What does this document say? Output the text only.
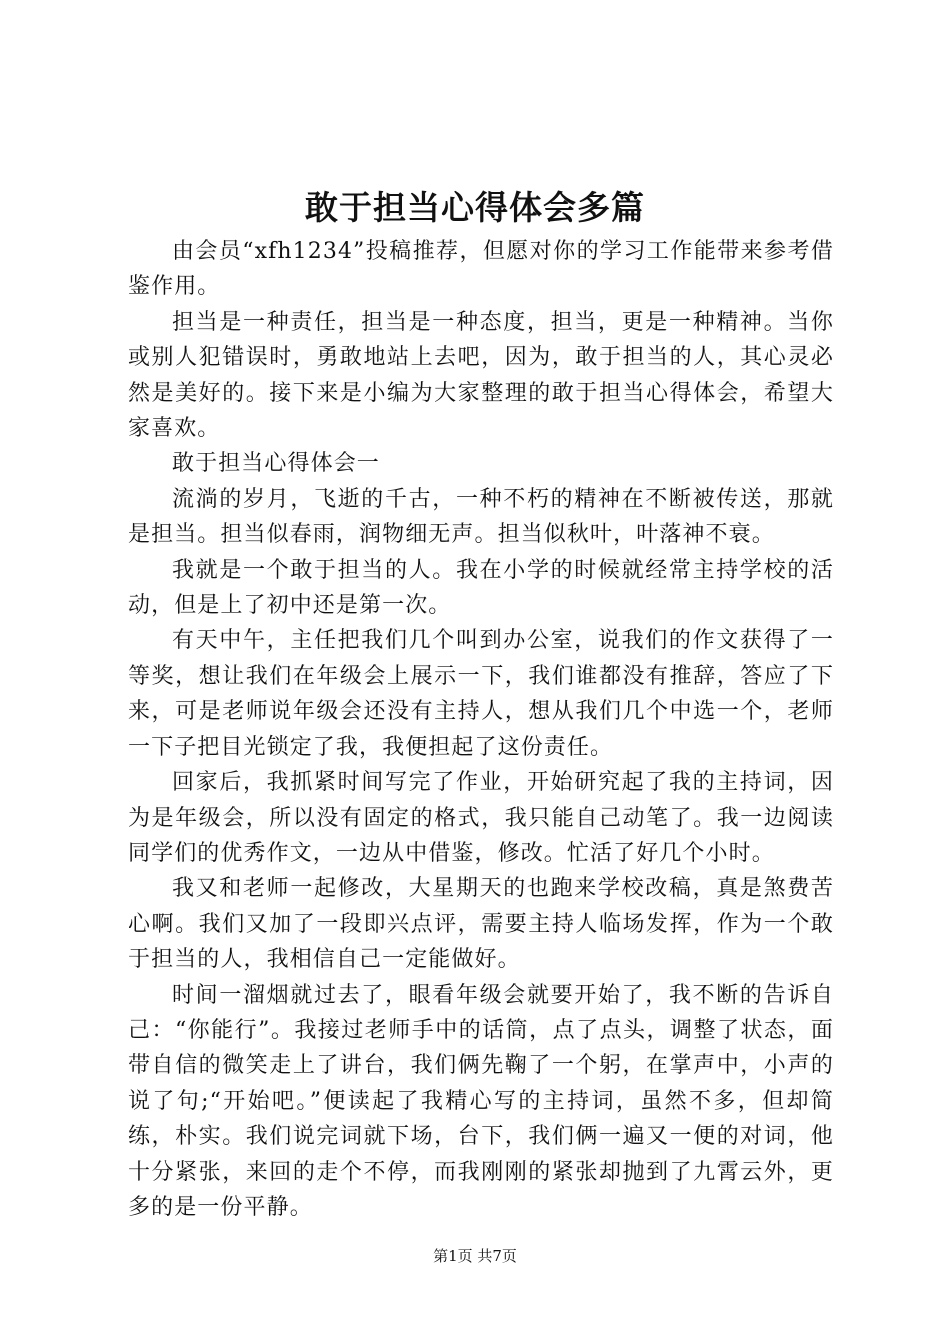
敢于担当心得体会多篇

由会员“xfh1234”投稿推荐，但愿对你的学习工作能带来参考借鉴作用。

担当是一种责任，担当是一种态度，担当，更是一种精神。当你或别人犯错误时，勇敢地站上去吧，因为，敢于担当的人，其心灵必然是美好的。接下来是小编为大家整理的敢于担当心得体会，希望大家喜欢。

敢于担当心得体会一

流淌的岁月，飞逝的千古，一种不朽的精神在不断被传送，那就是担当。担当似春雨，润物细无声。担当似秋叶，叶落神不衰。

我就是一个敢于担当的人。我在小学的时候就经常主持学校的活动，但是上了初中还是第一次。

有天中午，主任把我们几个叫到办公室，说我们的作文获得了一等奖，想让我们在年级会上展示一下，我们谁都没有推辞，答应了下来，可是老师说年级会还没有主持人，想从我们几个中选一个，老师一下子把目光锁定了我，我便担起了这份责任。

回家后，我抓紧时间写完了作业，开始研究起了我的主持词，因为是年级会，所以没有固定的格式，我只能自己动笔了。我一边阅读同学们的优秀作文，一边从中借鉴，修改。忙活了好几个小时。

我又和老师一起修改，大星期天的也跑来学校改稿，真是煞费苦心啊。我们又加了一段即兴点评，需要主持人临场发挥，作为一个敢于担当的人，我相信自己一定能做好。

时间一溜烟就过去了，眼看年级会就要开始了，我不断的告诉自己：“你能行”。我接过老师手中的话筒，点了点头，调整了状态，面带自信的微笑走上了讲台，我们俩先鞠了一个躬，在掌声中，小声的说了句;“开始吧。”便读起了我精心写的主持词，虽然不多，但却简练，朴实。我们说完词就下场，台下，我们俩一遍又一便的对词，他十分紧张，来回的走个不停，而我刚刚的紧张却抛到了九霄云外，更多的是一份平静。

第1页 共7页
